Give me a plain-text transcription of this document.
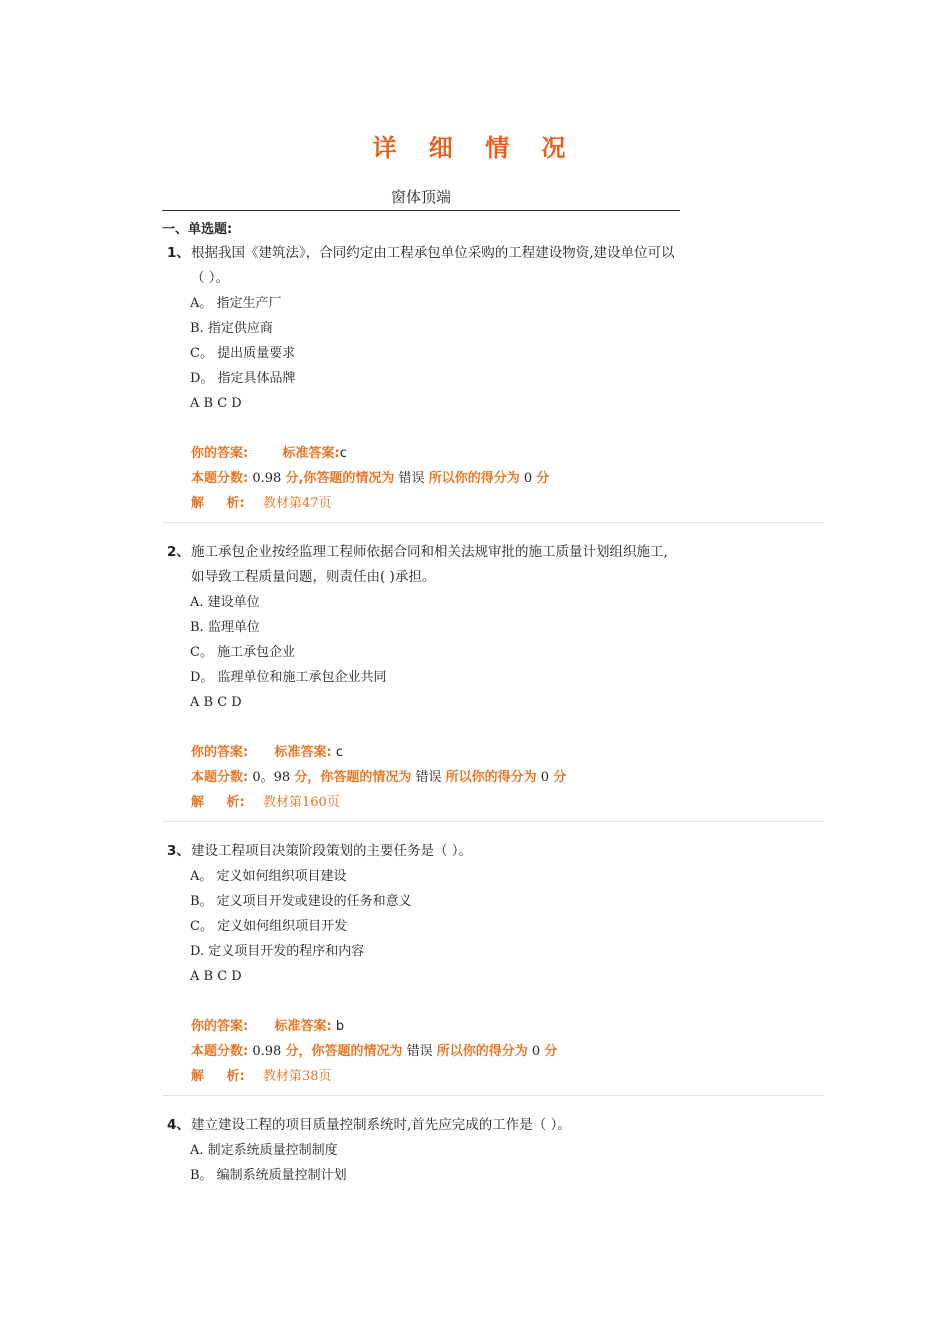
详 细 情 况
窗体顶端
一、单选题:
1、 根据我国《建筑法》，合同约定由工程承包单位采购的工程建设物资,建设单位可以（ ）。
A。 指定生产厂
B. 指定供应商
C。 提出质量要求
D。 指定具体品牌
A B C D
你的答案:	标准答案:c
本题分数: 0.98 分,你答题的情况为 错误 所以你的得分为 0 分
解 析: 教材第47页
2、 施工承包企业按经监理工程师依据合同和相关法规审批的施工质量计划组织施工,如导致工程质量问题，则责任由( )承担。
A. 建设单位
B. 监理单位
C。 施工承包企业
D。 监理单位和施工承包企业共同
A B C D
你的答案: 标准答案: c
本题分数: 0。98 分，你答题的情况为 错误 所以你的得分为 0 分
解 析: 教材第160页
3、 建设工程项目决策阶段策划的主要任务是（ ）。
A。 定义如何组织项目建设
B。 定义项目开发或建设的任务和意义
C。 定义如何组织项目开发
D. 定义项目开发的程序和内容
A B C D
你的答案: 标准答案: b
本题分数: 0.98 分，你答题的情况为 错误 所以你的得分为 0 分
解 析: 教材第38页
4、 建立建设工程的项目质量控制系统时,首先应完成的工作是（ ）。
A. 制定系统质量控制制度
B。 编制系统质量控制计划
